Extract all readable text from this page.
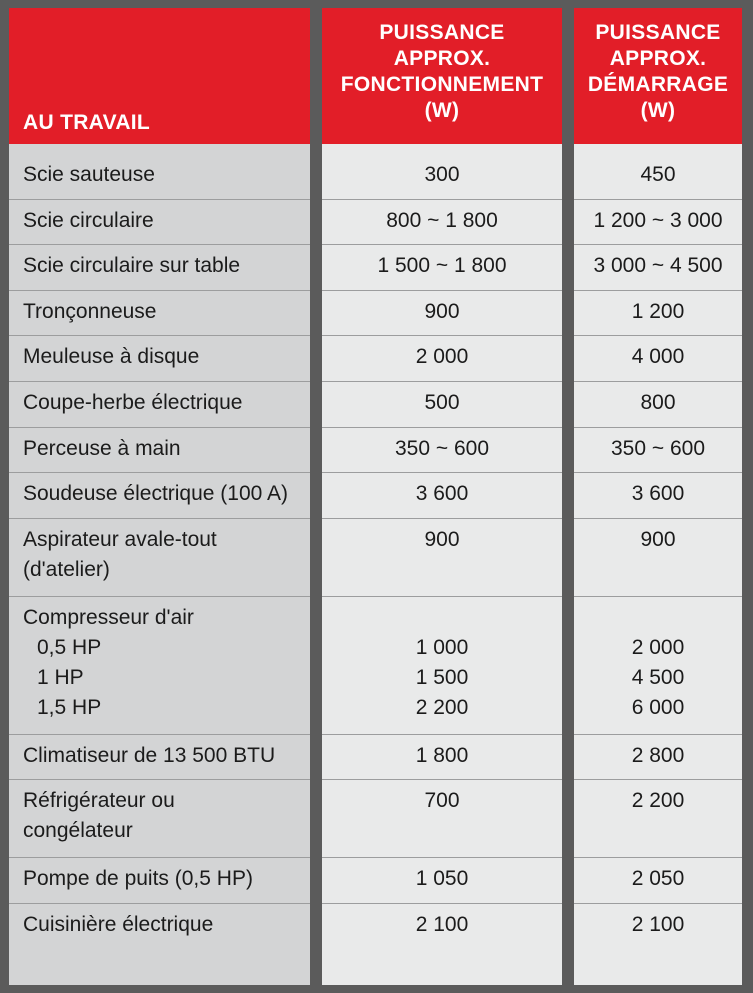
AU TRAVAIL
Scie sauteuse
Scie circulaire
Scie circulaire sur table
Tronçonneuse
Meuleuse à disque
Coupe-herbe électrique
Perceuse à main
Soudeuse électrique (100 A)
Aspirateur avale-tout
(d'atelier)
Compresseur d'air
0,5 HP
1 HP
1,5 HP
Climatiseur de 13 500 BTU
Réfrigérateur ou
congélateur
Pompe de puits (0,5 HP)
Cuisinière électrique
PUISSANCE
APPROX.
FONCTIONNEMENT
(W)
300
800 ~ 1 800
1 500 ~ 1 800
900
2 000
500
350 ~ 600
3 600
900

1 000
1 500
2 200
1 800
700
1 050
2 100
PUISSANCE
APPROX.
DÉMARRAGE
(W)
450
1 200 ~ 3 000
3 000 ~ 4 500
1 200
4 000
800
350 ~ 600
3 600
900

2 000
4 500
6 000
2 800
2 200
2 050
2 100
